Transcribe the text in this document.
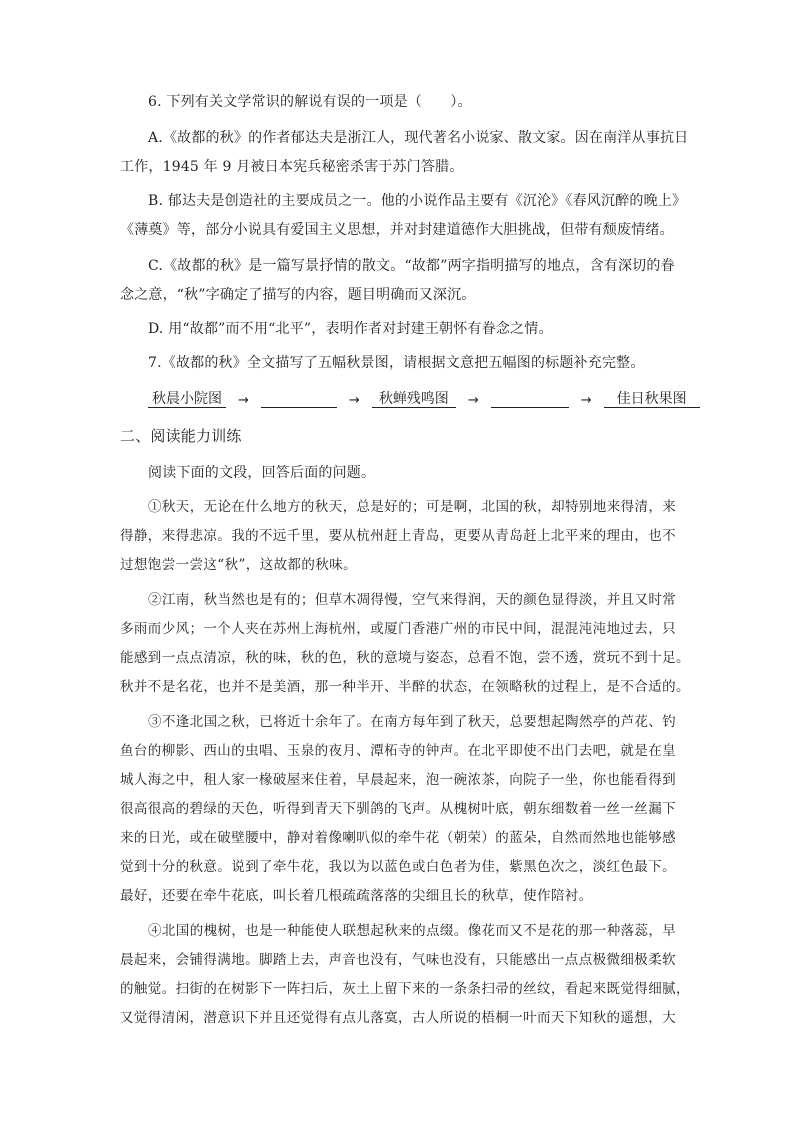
6. 下列有关文学常识的解说有误的一项是（　　）。
A.《故都的秋》的作者郁达夫是浙江人，现代著名小说家、散文家。因在南洋从事抗日
工作，1945 年 9 月被日本宪兵秘密杀害于苏门答腊。
B. 郁达夫是创造社的主要成员之一。他的小说作品主要有《沉沦》《春风沉醉的晚上》
《薄奠》等，部分小说具有爱国主义思想，并对封建道德作大胆挑战，但带有颓废情绪。
C.《故都的秋》是一篇写景抒情的散文。“故都”两字指明描写的地点，含有深切的眷
念之意，“秋”字确定了描写的内容，题目明确而又深沉。
D. 用“故都”而不用“北平”，表明作者对封建王朝怀有眷念之情。
7.《故都的秋》全文描写了五幅秋景图，请根据文意把五幅图的标题补充完整。
秋晨小院图 →	→ 秋蝉残鸣图 →	→ 佳日秋果图
二、阅读能力训练
阅读下面的文段，回答后面的问题。
①秋天，无论在什么地方的秋天，总是好的；可是啊，北国的秋，却特别地来得清，来
得静，来得悲凉。我的不远千里，要从杭州赶上青岛，更要从青岛赶上北平来的理由，也不
过想饱尝一尝这“秋”，这故都的秋味。
②江南，秋当然也是有的；但草木凋得慢，空气来得润，天的颜色显得淡，并且又时常
多雨而少风；一个人夹在苏州上海杭州，或厦门香港广州的市民中间，混混沌沌地过去，只
能感到一点点清凉，秋的味，秋的色，秋的意境与姿态，总看不饱，尝不透，赏玩不到十足。
秋并不是名花，也并不是美酒，那一种半开、半醉的状态，在领略秋的过程上，是不合适的。
③不逢北国之秋，已将近十余年了。在南方每年到了秋天，总要想起陶然亭的芦花、钓
鱼台的柳影、西山的虫唱、玉泉的夜月、潭柘寺的钟声。在北平即使不出门去吧，就是在皇
城人海之中，租人家一椽破屋来住着，早晨起来，泡一碗浓茶，向院子一坐，你也能看得到
很高很高的碧绿的天色，听得到青天下驯鸽的飞声。从槐树叶底，朝东细数着一丝一丝漏下
来的日光，或在破壁腰中，静对着像喇叭似的牵牛花（朝荣）的蓝朵，自然而然地也能够感
觉到十分的秋意。说到了牵牛花，我以为以蓝色或白色者为佳，紫黑色次之，淡红色最下。
最好，还要在牵牛花底，叫长着几根疏疏落落的尖细且长的秋草，使作陪衬。
④北国的槐树，也是一种能使人联想起秋来的点缀。像花而又不是花的那一种落蕊，早
晨起来，会铺得满地。脚踏上去，声音也没有，气味也没有，只能感出一点点极微细极柔软
的触觉。扫街的在树影下一阵扫后，灰土上留下来的一条条扫帚的丝纹，看起来既觉得细腻，
又觉得清闲，潜意识下并且还觉得有点儿落寞，古人所说的梧桐一叶而天下知秋的遥想，大
